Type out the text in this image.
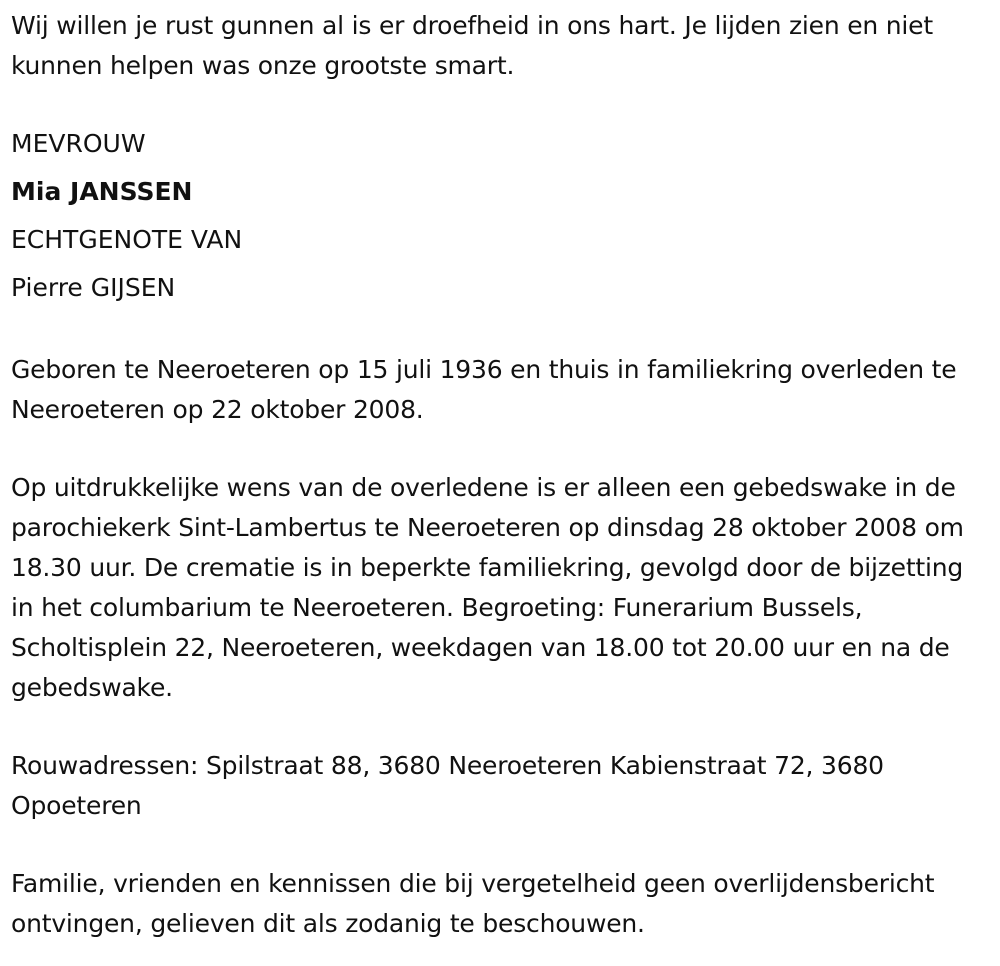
Wij willen je rust gunnen al is er droefheid in ons hart. Je lijden zien en niet kunnen helpen was onze grootste smart.

MEVROUW
Mia JANSSEN
ECHTGENOTE VAN
Pierre GIJSEN

Geboren te Neeroeteren op 15 juli 1936 en thuis in familiekring overleden te Neeroeteren op 22 oktober 2008.

Op uitdrukkelijke wens van de overledene is er alleen een gebedswake in de parochiekerk Sint-Lambertus te Neeroeteren op dinsdag 28 oktober 2008 om 18.30 uur. De crematie is in beperkte familiekring, gevolgd door de bijzetting in het columbarium te Neeroeteren. Begroeting: Funerarium Bussels, Scholtisplein 22, Neeroeteren, weekdagen van 18.00 tot 20.00 uur en na de gebedswake.

Rouwadressen: Spilstraat 88, 3680 Neeroeteren Kabienstraat 72, 3680 Opoeteren

Familie, vrienden en kennissen die bij vergetelheid geen overlijdensbericht ontvingen, gelieven dit als zodanig te beschouwen.
